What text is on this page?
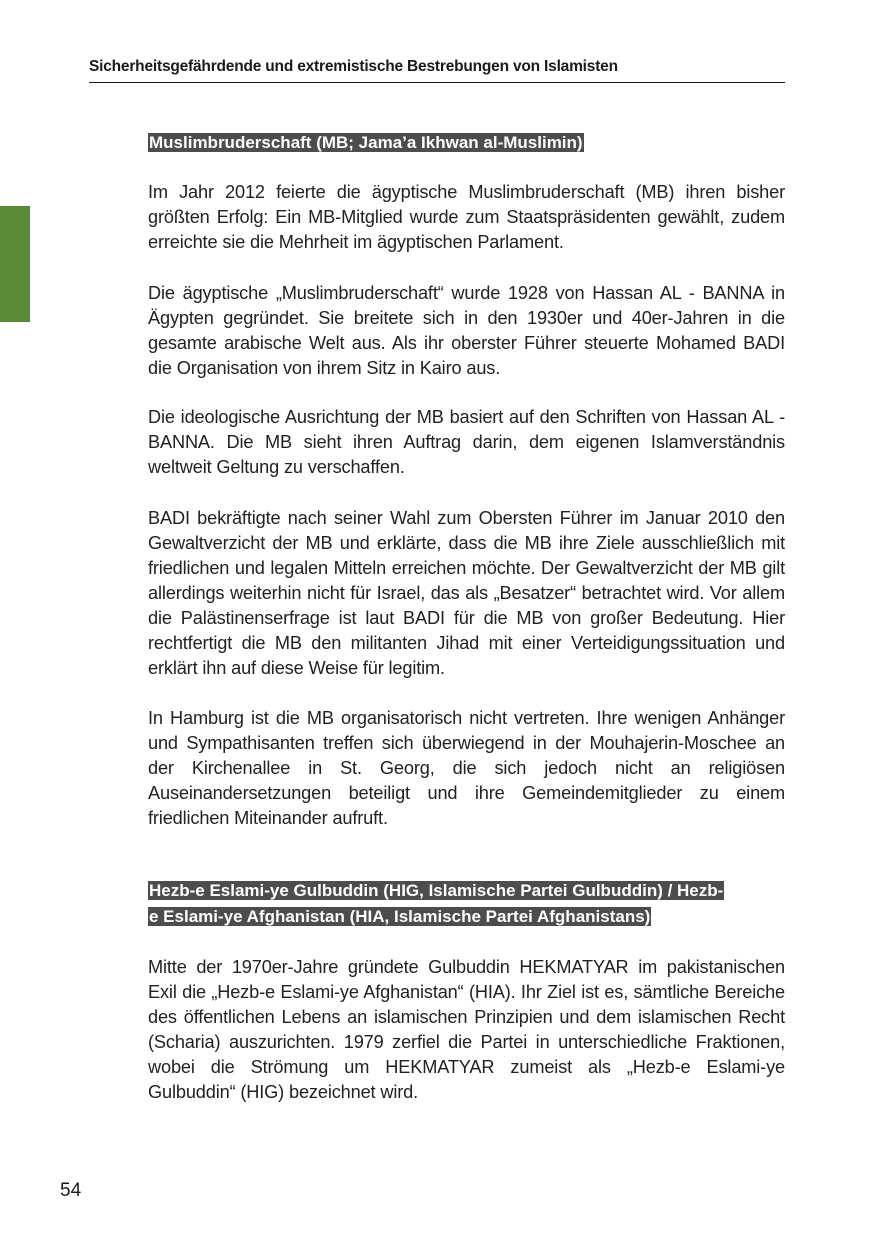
Sicherheitsgefährdende und extremistische Bestrebungen von Islamisten
Muslimbruderschaft (MB; Jama’a Ikhwan al-Muslimin)

Im Jahr 2012 feierte die ägyptische Muslimbruderschaft (MB) ihren bisher größten Erfolg: Ein MB-Mitglied wurde zum Staatspräsidenten gewählt, zudem erreichte sie die Mehrheit im ägyptischen Parlament.

Die ägyptische „Muslimbruderschaft“ wurde 1928 von Hassan AL - BANNA in Ägypten gegründet. Sie breitete sich in den 1930er und 40er-Jahren in die gesamte arabische Welt aus. Als ihr oberster Führer steuerte Mohamed BADI die Organisation von ihrem Sitz in Kairo aus.

Die ideologische Ausrichtung der MB basiert auf den Schriften von Hassan AL - BANNA. Die MB sieht ihren Auftrag darin, dem eigenen Islamverständnis weltweit Geltung zu verschaffen.

BADI bekräftigte nach seiner Wahl zum Obersten Führer im Januar 2010 den Gewaltverzicht der MB und erklärte, dass die MB ihre Ziele ausschließlich mit friedlichen und legalen Mitteln erreichen möchte. Der Gewaltverzicht der MB gilt allerdings weiterhin nicht für Israel, das als „Besatzer“ betrachtet wird. Vor allem die Palästinenserfrage ist laut BADI für die MB von großer Bedeutung. Hier rechtfertigt die MB den militanten Jihad mit einer Verteidigungssituation und erklärt ihn auf diese Weise für legitim.

In Hamburg ist die MB organisatorisch nicht vertreten. Ihre wenigen Anhänger und Sympathisanten treffen sich überwiegend in der Mouhajerin-Moschee an der Kirchenallee in St. Georg, die sich jedoch nicht an religiösen Auseinandersetzungen beteiligt und ihre Gemeindemitglieder zu einem friedlichen Miteinander aufruft.

Hezb-e Eslami-ye Gulbuddin (HIG, Islamische Partei Gulbuddin) / Hezb-
e Eslami-ye Afghanistan (HIA, Islamische Partei Afghanistans)

Mitte der 1970er-Jahre gründete Gulbuddin HEKMATYAR im pakistanischen Exil die „Hezb-e Eslami-ye Afghanistan“ (HIA). Ihr Ziel ist es, sämtliche Bereiche des öffentlichen Lebens an islamischen Prinzipien und dem islamischen Recht (Scharia) auszurichten. 1979 zerfiel die Partei in unterschiedliche Fraktionen, wobei die Strömung um HEKMATYAR zumeist als „Hezb-e Eslami-ye Gulbuddin“ (HIG) bezeichnet wird.

54
